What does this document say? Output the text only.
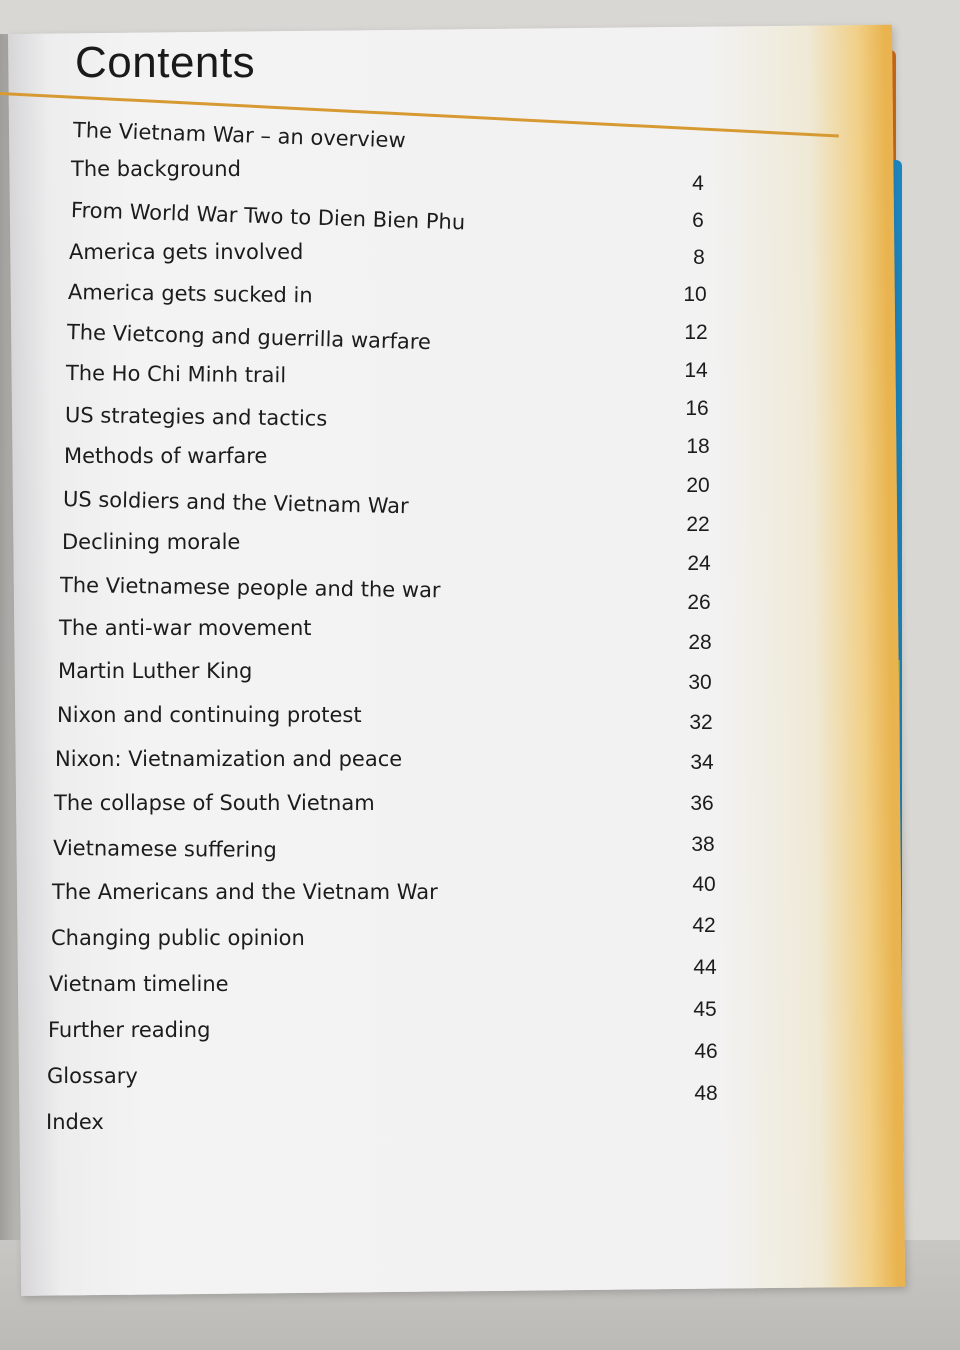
Contents

The Vietnam War – an overview

The background

From World War Two to Dien Bien Phu

America gets involved

America gets sucked in

The Vietcong and guerrilla warfare

The Ho Chi Minh trail

US strategies and tactics

Methods of warfare

US soldiers and the Vietnam War

Declining morale

The Vietnamese people and the war

The anti-war movement

Martin Luther King

Nixon and continuing protest

Nixon: Vietnamization and peace

The collapse of South Vietnam

Vietnamese suffering

The Americans and the Vietnam War

Changing public opinion

Vietnam timeline

Further reading

Glossary

Index

4

6

8

10

12

14

16

18

20

22

24

26

28

30

32

34

36

38

40

42

44

45

46

48
